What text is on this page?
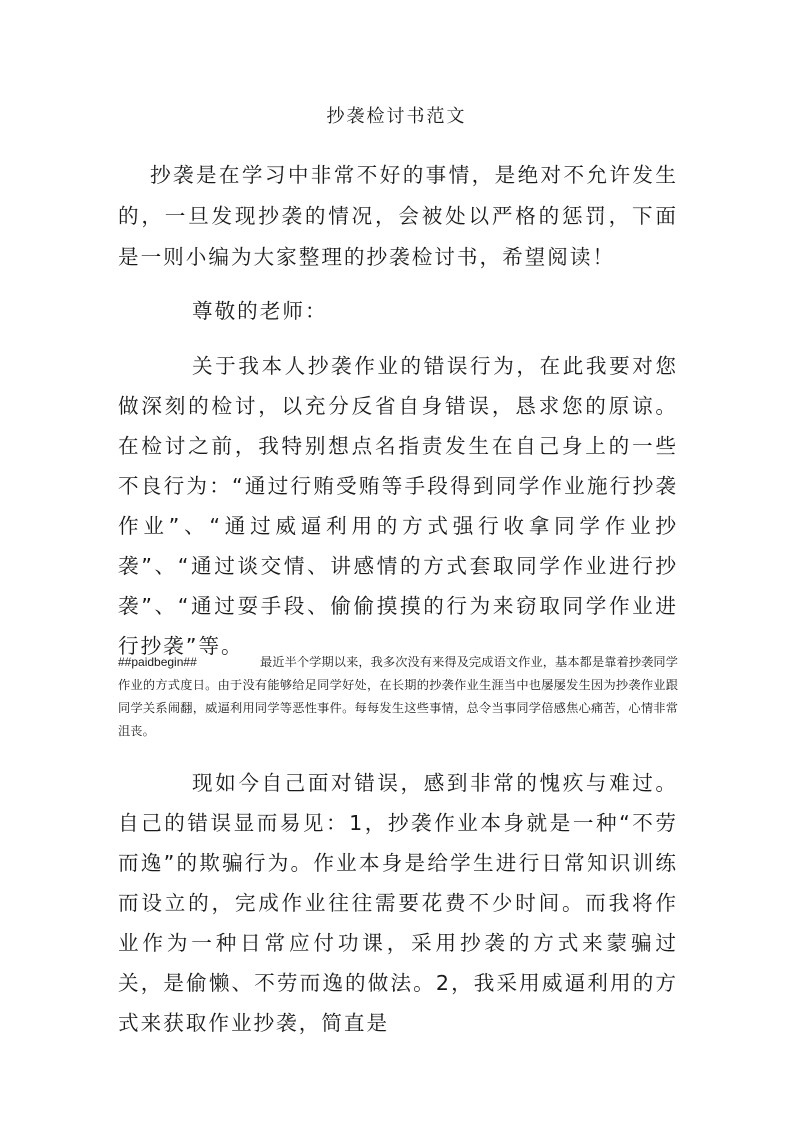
抄袭检讨书范文

抄袭是在学习中非常不好的事情，是绝对不允许发生的，一旦发现抄袭的情况，会被处以严格的惩罚，下面是一则小编为大家整理的抄袭检讨书，希望阅读！

尊敬的老师：

关于我本人抄袭作业的错误行为，在此我要对您做深刻的检讨，以充分反省自身错误，恳求您的原谅。在检讨之前，我特别想点名指责发生在自己身上的一些不良行为：“通过行贿受贿等手段得到同学作业施行抄袭作业”、“通过威逼利用的方式强行收拿同学作业抄袭”、“通过谈交情、讲感情的方式套取同学作业进行抄袭”、“通过耍手段、偷偷摸摸的行为来窃取同学作业进行抄袭”等。

##paidbegin##	最近半个学期以来，我多次没有来得及完成语文作业，基本都是靠着抄袭同学作业的方式度日。由于没有能够给足同学好处，在长期的抄袭作业生涯当中也屡屡发生因为抄袭作业跟同学关系闹翻，威逼利用同学等恶性事件。每每发生这些事情，总令当事同学倍感焦心痛苦，心情非常沮丧。

现如今自己面对错误，感到非常的愧疚与难过。自己的错误显而易见：1，抄袭作业本身就是一种“不劳而逸”的欺骗行为。作业本身是给学生进行日常知识训练而设立的，完成作业往往需要花费不少时间。而我将作业作为一种日常应付功课，采用抄袭的方式来蒙骗过关，是偷懒、不劳而逸的做法。2，我采用威逼利用的方式来获取作业抄袭，简直是
